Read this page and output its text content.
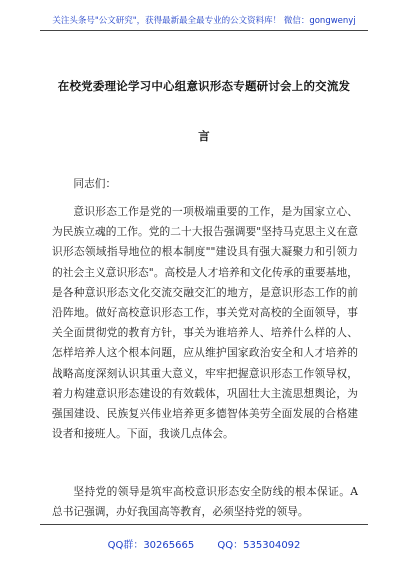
关注头条号"公文研究"，获得最新最全最专业的公文资料库！ 微信：gongwenyj
在校党委理论学习中心组意识形态专题研讨会上的交流发
言
同志们：

意识形态工作是党的一项极端重要的工作，是为国家立心、为民族立魂的工作。党的二十大报告强调要"坚持马克思主义在意识形态领域指导地位的根本制度""建设具有强大凝聚力和引领力的社会主义意识形态"。高校是人才培养和文化传承的重要基地，是各种意识形态文化交流交融交汇的地方，是意识形态工作的前沿阵地。做好高校意识形态工作，事关党对高校的全面领导，事关全面贯彻党的教育方针，事关为谁培养人、培养什么样的人、怎样培养人这个根本问题，应从维护国家政治安全和人才培养的战略高度深刻认识其重大意义，牢牢把握意识形态工作领导权，着力构建意识形态建设的有效载体，巩固壮大主流思想舆论，为强国建设、民族复兴伟业培养更多德智体美劳全面发展的合格建设者和接班人。下面，我谈几点体会。

坚持党的领导是筑牢高校意识形态安全防线的根本保证。A总书记强调，办好我国高等教育，必须坚持党的领导。

QQ群：30265665 QQ：535304092
